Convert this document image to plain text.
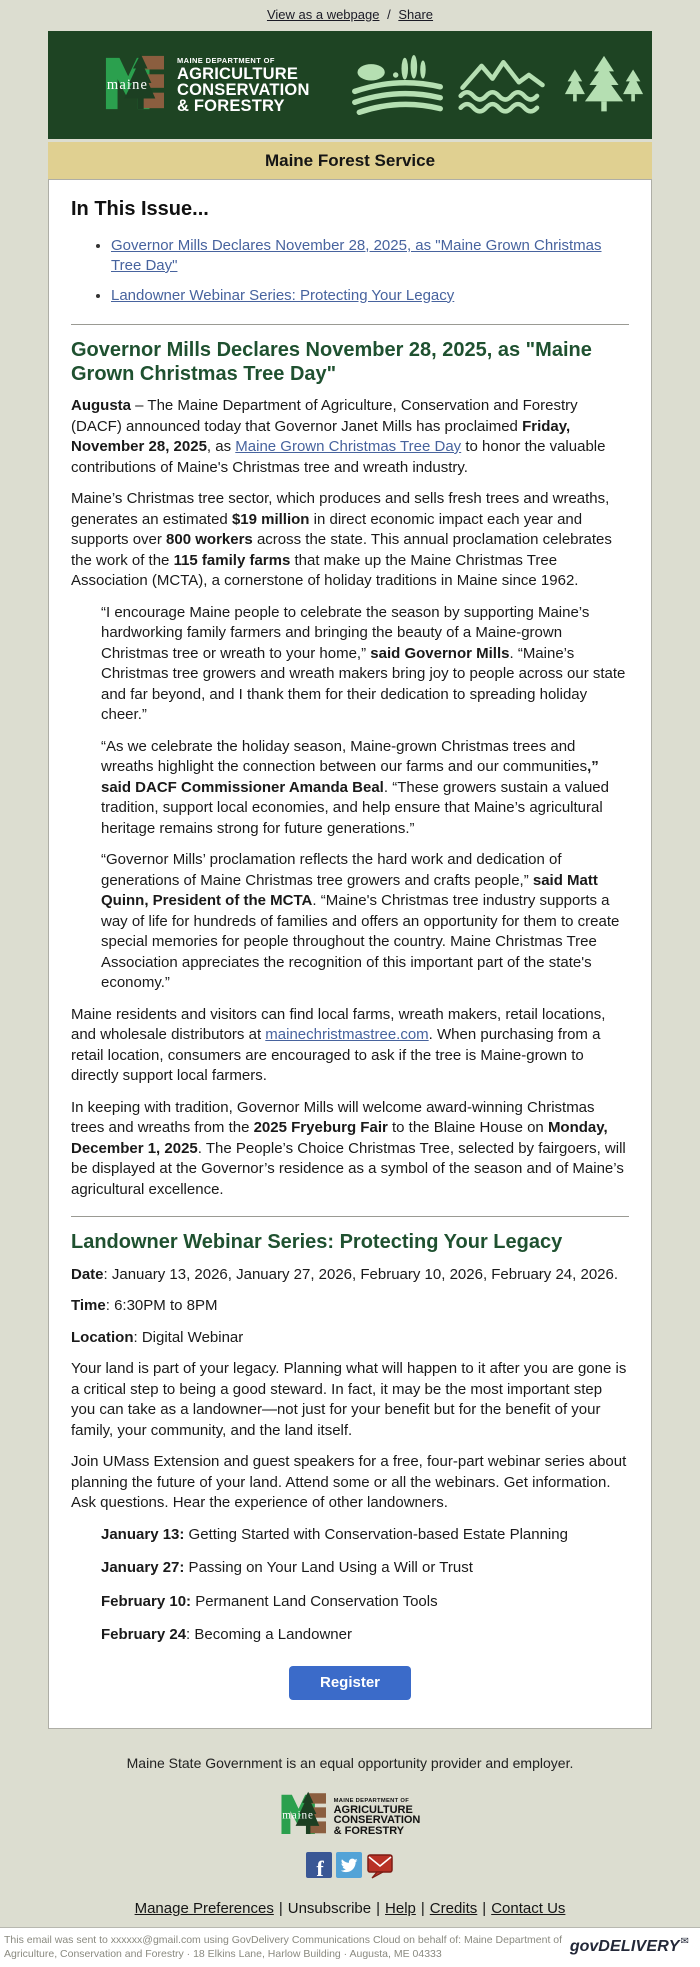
View as a webpage / Share
MAINE DEPARTMENT OF
AGRICULTURE
CONSERVATION
& FORESTRY
Maine Forest Service
In This Issue...
• Governor Mills Declares November 28, 2025, as "Maine Grown Christmas Tree Day"
• Landowner Webinar Series: Protecting Your Legacy
Governor Mills Declares November 28, 2025, as "Maine Grown Christmas Tree Day"

Augusta – The Maine Department of Agriculture, Conservation and Forestry (DACF) announced today that Governor Janet Mills has proclaimed Friday, November 28, 2025, as Maine Grown Christmas Tree Day to honor the valuable contributions of Maine's Christmas tree and wreath industry.

Maine’s Christmas tree sector, which produces and sells fresh trees and wreaths, generates an estimated $19 million in direct economic impact each year and supports over 800 workers across the state. This annual proclamation celebrates the work of the 115 family farms that make up the Maine Christmas Tree Association (MCTA), a cornerstone of holiday traditions in Maine since 1962.

“I encourage Maine people to celebrate the season by supporting Maine’s hardworking family farmers and bringing the beauty of a Maine-grown Christmas tree or wreath to your home,” said Governor Mills. “Maine’s Christmas tree growers and wreath makers bring joy to people across our state and far beyond, and I thank them for their dedication to spreading holiday cheer.”

“As we celebrate the holiday season, Maine-grown Christmas trees and wreaths highlight the connection between our farms and our communities,” said DACF Commissioner Amanda Beal. “These growers sustain a valued tradition, support local economies, and help ensure that Maine’s agricultural heritage remains strong for future generations.”

“Governor Mills’ proclamation reflects the hard work and dedication of generations of Maine Christmas tree growers and crafts people,” said Matt Quinn, President of the MCTA. “Maine's Christmas tree industry supports a way of life for hundreds of families and offers an opportunity for them to create special memories for people throughout the country. Maine Christmas Tree Association appreciates the recognition of this important part of the state's economy.”

Maine residents and visitors can find local farms, wreath makers, retail locations, and wholesale distributors at mainechristmastree.com. When purchasing from a retail location, consumers are encouraged to ask if the tree is Maine-grown to directly support local farmers.

In keeping with tradition, Governor Mills will welcome award-winning Christmas trees and wreaths from the 2025 Fryeburg Fair to the Blaine House on Monday, December 1, 2025. The People’s Choice Christmas Tree, selected by fairgoers, will be displayed at the Governor’s residence as a symbol of the season and of Maine’s agricultural excellence.

Landowner Webinar Series: Protecting Your Legacy

Date: January 13, 2026, January 27, 2026, February 10, 2026, February 24, 2026.

Time: 6:30PM to 8PM

Location: Digital Webinar

Your land is part of your legacy. Planning what will happen to it after you are gone is a critical step to being a good steward. In fact, it may be the most important step you can take as a landowner—not just for your benefit but for the benefit of your family, your community, and the land itself.

Join UMass Extension and guest speakers for a free, four-part webinar series about planning the future of your land. Attend some or all the webinars. Get information. Ask questions. Hear the experience of other landowners.

January 13: Getting Started with Conservation-based Estate Planning

January 27: Passing on Your Land Using a Will or Trust

February 10: Permanent Land Conservation Tools

February 24: Becoming a Landowner

Register

Maine State Government is an equal opportunity provider and employer.

MAINE DEPARTMENT OF
AGRICULTURE
CONSERVATION
& FORESTRY
f
Manage Preferences | Unsubscribe | Help | Credits | Contact Us
This email was sent to xxxxxx@gmail.com using GovDelivery Communications Cloud on behalf of: Maine Department of Agriculture, Conservation and Forestry · 18 Elkins Lane, Harlow Building · Augusta, ME 04333	govDELIVERY✉
